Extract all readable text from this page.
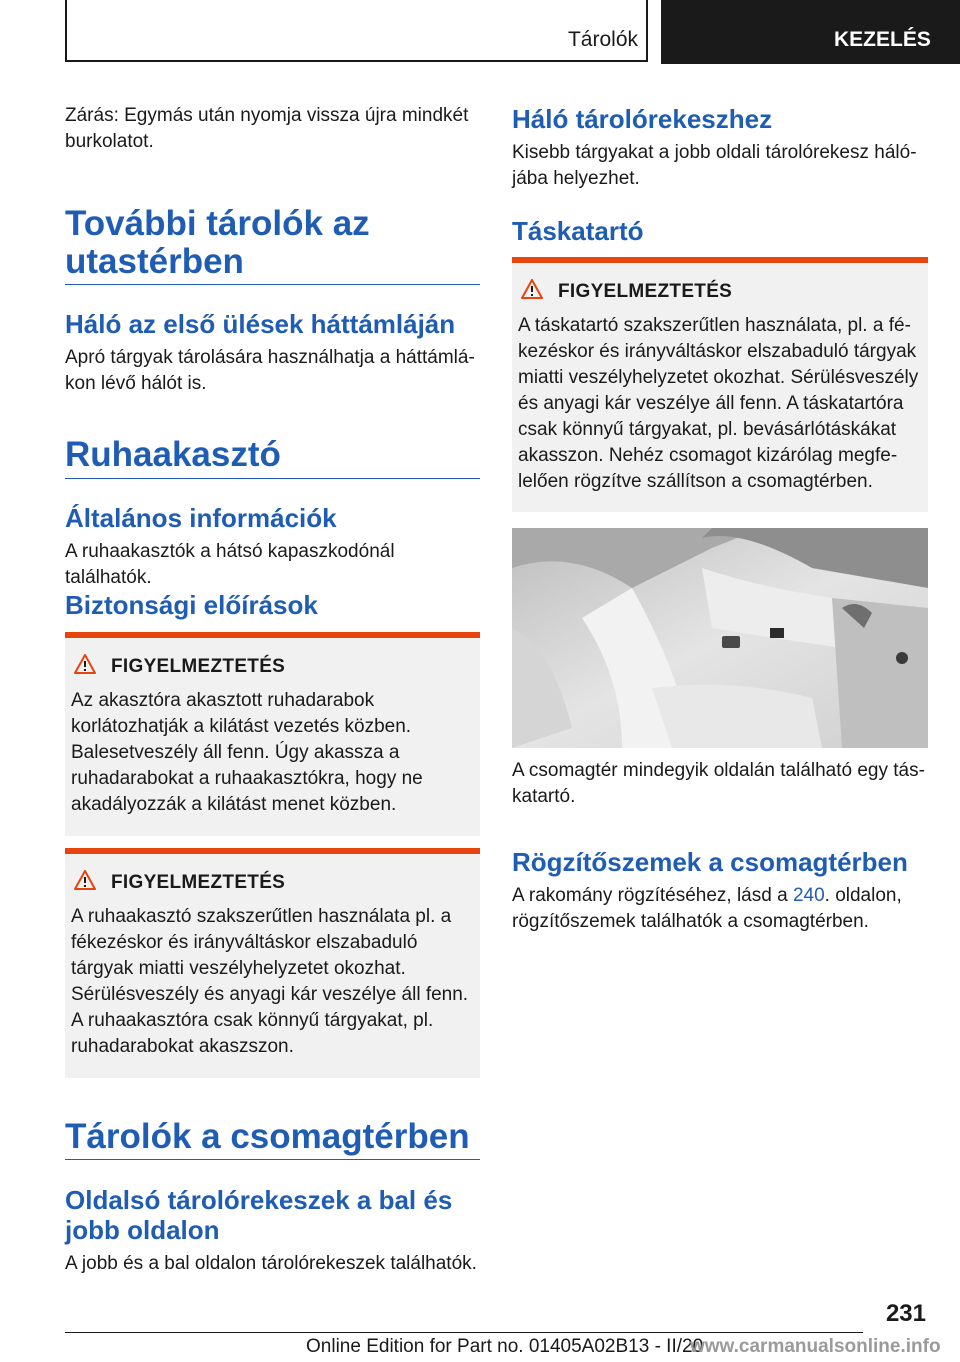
Tárolók	KEZELÉS

Zárás: Egymás után nyomja vissza újra mindkét burkolatot.

További tárolók az utastérben
Háló az első ülések háttámláján

Apró tárgyak tárolására használhatja a háttámlákon lévő hálót is.

Ruhaakasztó
Általános információk

A ruhaakasztók a hátsó kapaszkodónál találhatók.

Biztonsági előírások
FIGYELMEZTETÉS

Az akasztóra akasztott ruhadarabok korlátozhatják a kilátást vezetés közben. Balesetveszély áll fenn. Úgy akassza a ruhadarabokat a ruhaakasztókra, hogy ne akadályozzák a kilátást menet közben.

FIGYELMEZTETÉS

A ruhaakasztó szakszerűtlen használata pl. a fékezéskor és irányváltáskor elszabaduló tárgyak miatti veszélyhelyzetet okozhat. Sérülésveszély és anyagi kár veszélye áll fenn. A ruhaakasztóra csak könnyű tárgyakat, pl. ruhadarabokat akaszszon.

Tárolók a csomagtérben
Oldalsó tárolórekeszek a bal és jobb oldalon

A jobb és a bal oldalon tárolórekeszek találhatók.

Háló tárolórekeszhez

Kisebb tárgyakat a jobb oldali tárolórekesz hálójába helyezhet.

Táskatartó
FIGYELMEZTETÉS

A táskatartó szakszerűtlen használata, pl. a fékezéskor és irányváltáskor elszabaduló tárgyak miatti veszélyhelyzetet okozhat. Sérülésveszély és anyagi kár veszélye áll fenn. A táskatartóra csak könnyű tárgyakat, pl. bevásárlótáskákat akasszon. Nehéz csomagot kizárólag megfelelően rögzítve szállítson a csomagtérben.

A csomagtér mindegyik oldalán található egy táskatartó.

Rögzítőszemek a csomagtérben

A rakomány rögzítéséhez, lásd a 240. oldalon, rögzítőszemek találhatók a csomagtérben.

231
Online Edition for Part no. 01405A02B13 - II/20
www.carmanualsonline.info
